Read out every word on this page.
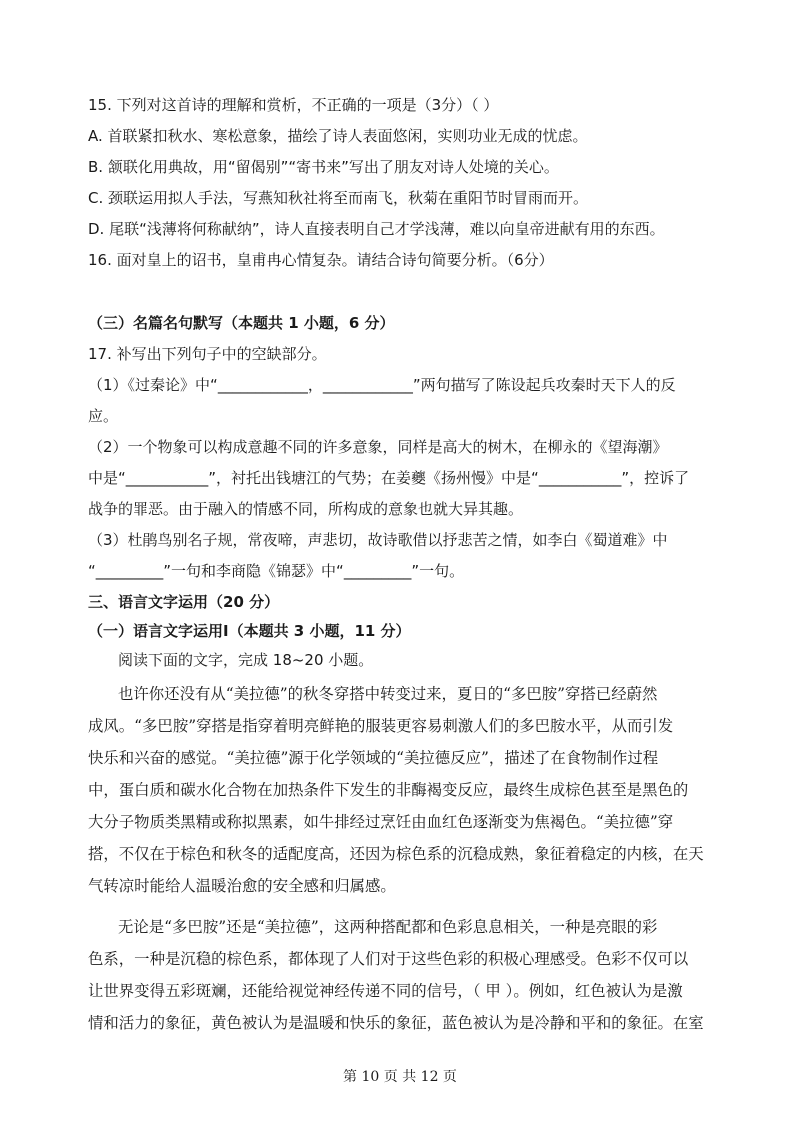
15. 下列对这首诗的理解和赏析，不正确的一项是（3分）（ ）
A. 首联紧扣秋水、寒松意象，描绘了诗人表面悠闲，实则功业无成的忧虑。
B. 颔联化用典故，用“留偈别”“寄书来”写出了朋友对诗人处境的关心。
C. 颈联运用拟人手法，写燕知秋社将至而南飞，秋菊在重阳节时冒雨而开。
D. 尾联“浅薄将何称献纳”，诗人直接表明自己才学浅薄，难以向皇帝进献有用的东西。
16. 面对皇上的诏书，皇甫冉心情复杂。请结合诗句简要分析。（6分）
（三）名篇名句默写（本题共 1 小题，6 分）
17. 补写出下列句子中的空缺部分。
（1）《过秦论》中“____________，____________”两句描写了陈设起兵攻秦时天下人的反
应。
（2）一个物象可以构成意趣不同的许多意象，同样是高大的树木，在柳永的《望海潮》
中是“___________”，衬托出钱塘江的气势；在姜夔《扬州慢》中是“___________”，控诉了
战争的罪恶。由于融入的情感不同，所构成的意象也就大异其趣。
（3）杜鹃鸟别名子规，常夜啼，声悲切，故诗歌借以抒悲苦之情，如李白《蜀道难》中
“_________”一句和李商隐《锦瑟》中“_________”一句。
三、语言文字运用（20 分）
（一）语言文字运用Ⅰ（本题共 3 小题，11 分）
阅读下面的文字，完成 18~20 小题。
也许你还没有从“美拉德”的秋冬穿搭中转变过来，夏日的“多巴胺”穿搭已经蔚然
成风。“多巴胺”穿搭是指穿着明亮鲜艳的服装更容易刺激人们的多巴胺水平，从而引发
快乐和兴奋的感觉。“美拉德”源于化学领域的“美拉德反应”，描述了在食物制作过程
中，蛋白质和碳水化合物在加热条件下发生的非酶褐变反应，最终生成棕色甚至是黑色的
大分子物质类黑精或称拟黑素，如牛排经过烹饪由血红色逐渐变为焦褐色。“美拉德”穿
搭，不仅在于棕色和秋冬的适配度高，还因为棕色系的沉稳成熟，象征着稳定的内核，在天
气转凉时能给人温暖治愈的安全感和归属感。
无论是“多巴胺”还是“美拉德”，这两种搭配都和色彩息息相关，一种是亮眼的彩
色系，一种是沉稳的棕色系，都体现了人们对于这些色彩的积极心理感受。色彩不仅可以
让世界变得五彩斑斓，还能给视觉神经传递不同的信号，（ 甲 ）。例如，红色被认为是激
情和活力的象征，黄色被认为是温暖和快乐的象征，蓝色被认为是冷静和平和的象征。在室
第 10 页 共 12 页
